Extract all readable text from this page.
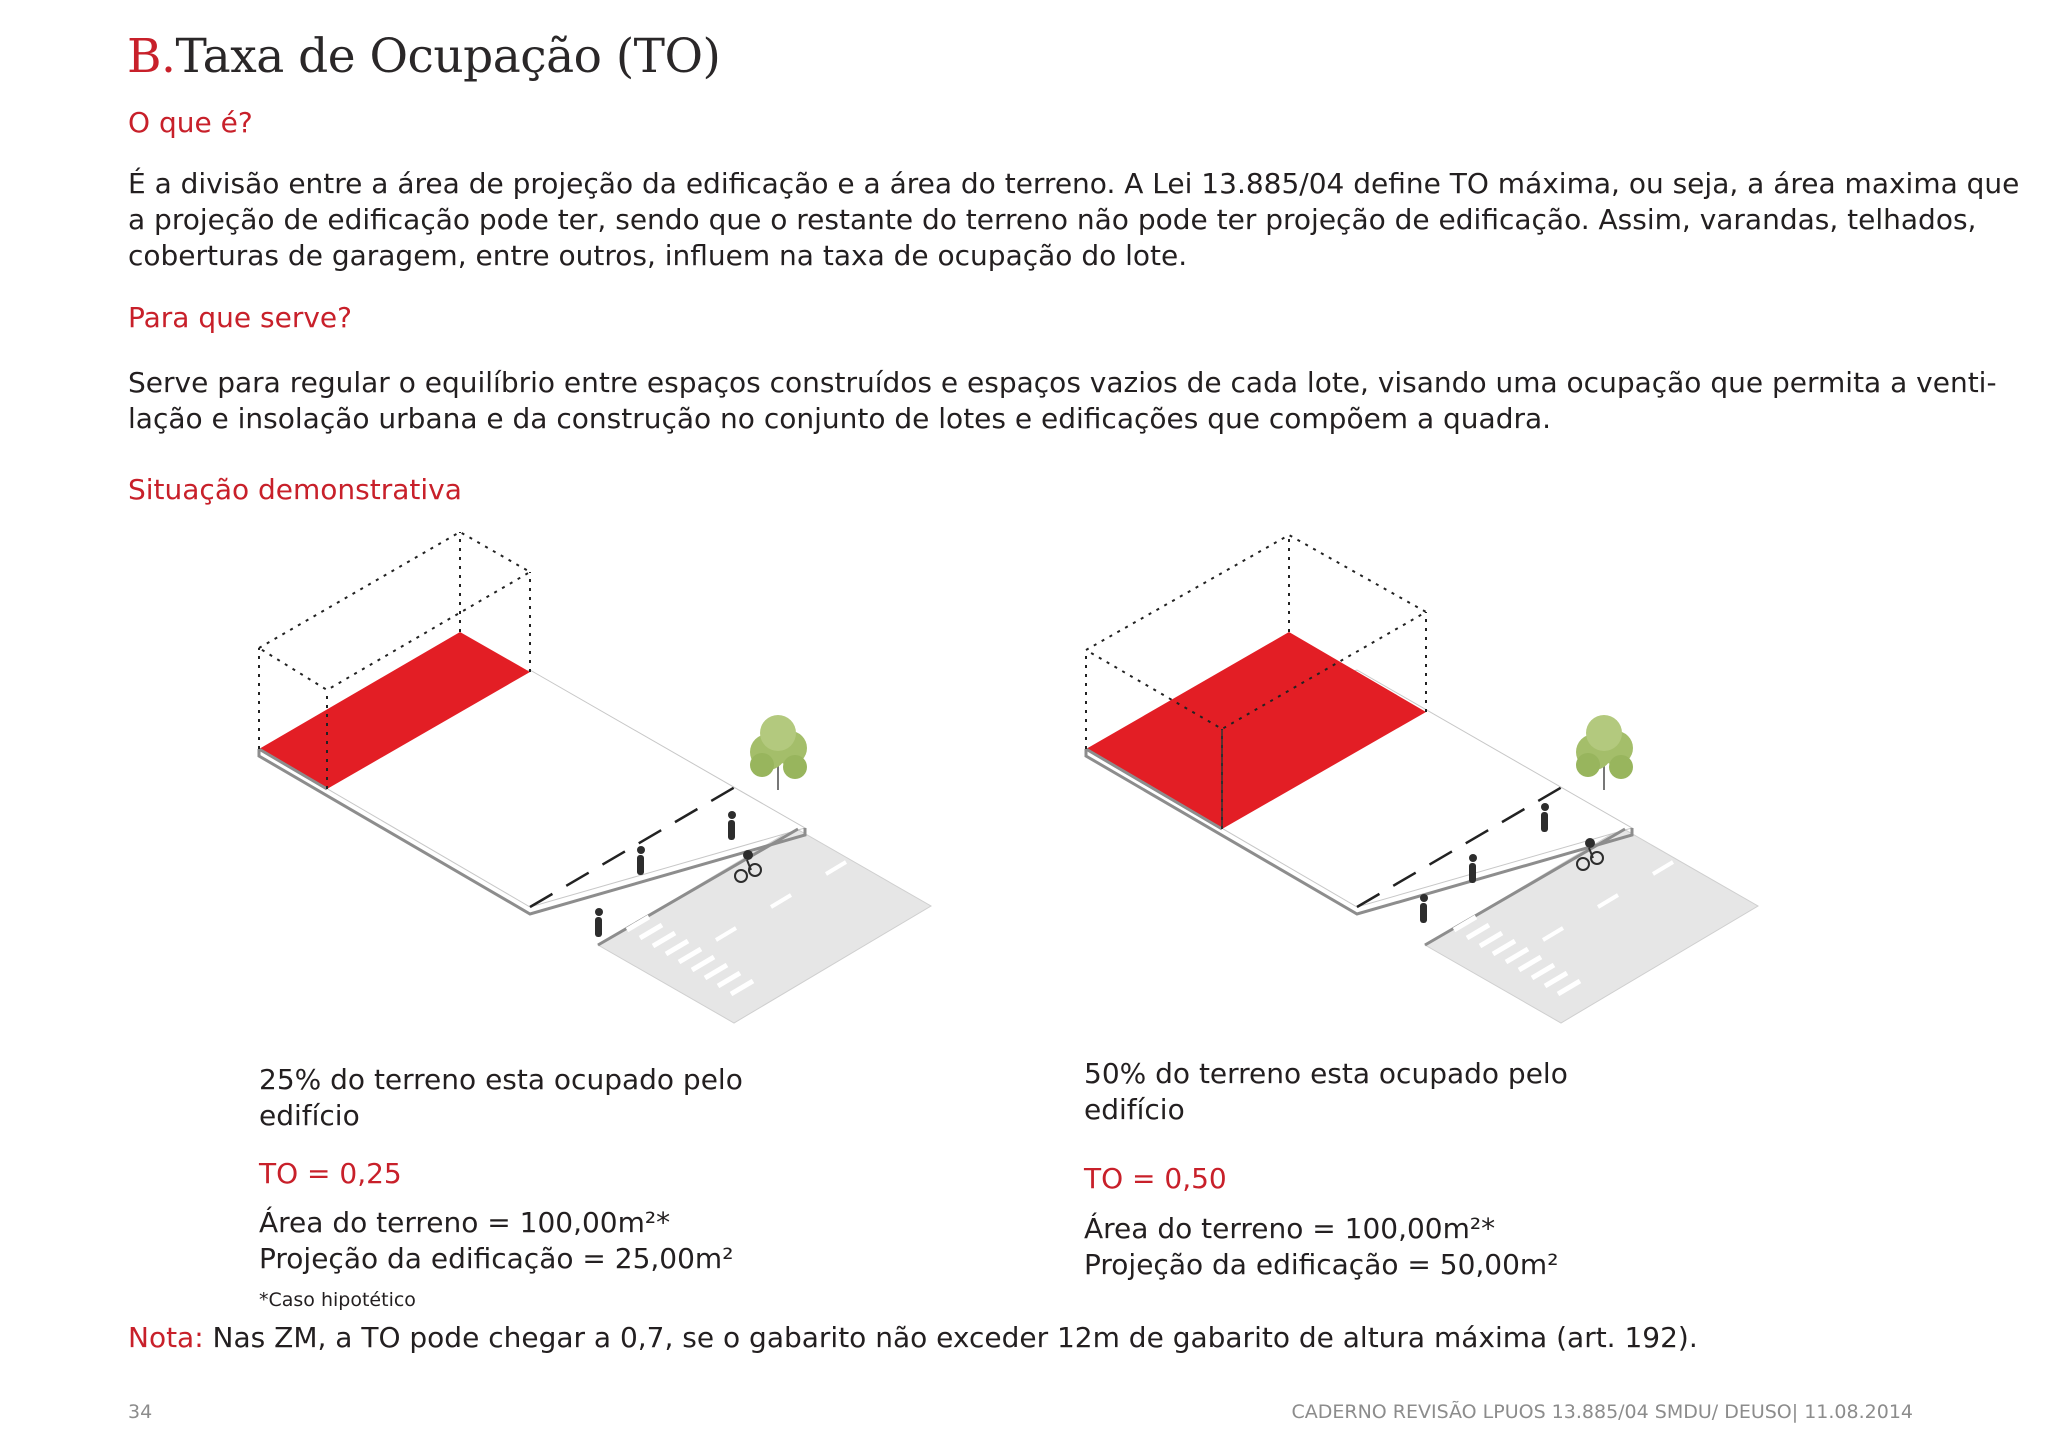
B.Taxa de Ocupação (TO)
O que é?
É a divisão entre a área de projeção da edificação e a área do terreno. A Lei 13.885/04 define TO máxima, ou seja, a área maxima que
a projeção de edificação pode ter, sendo que o restante do terreno não pode ter projeção de edificação. Assim, varandas, telhados,
coberturas de garagem, entre outros, influem na taxa de ocupação do lote.
Para que serve?
Serve para regular o equilíbrio entre espaços construídos e espaços vazios de cada lote, visando uma ocupação que permita a venti-
lação e insolação urbana e da construção no conjunto de lotes e edificações que compõem a quadra.
Situação demonstrativa
25% do terreno esta ocupado pelo
edifício
TO = 0,25
Área do terreno = 100,00m²*
Projeção da edificação = 25,00m²
*Caso hipotético
50% do terreno esta ocupado pelo
edifício
TO = 0,50
Área do terreno = 100,00m²*
Projeção da edificação = 50,00m²
Nota: Nas ZM, a TO pode chegar a 0,7, se o gabarito não exceder 12m de gabarito de altura máxima (art. 192).
34	CADERNO REVISÃO LPUOS 13.885/04 SMDU/ DEUSO| 11.08.2014
